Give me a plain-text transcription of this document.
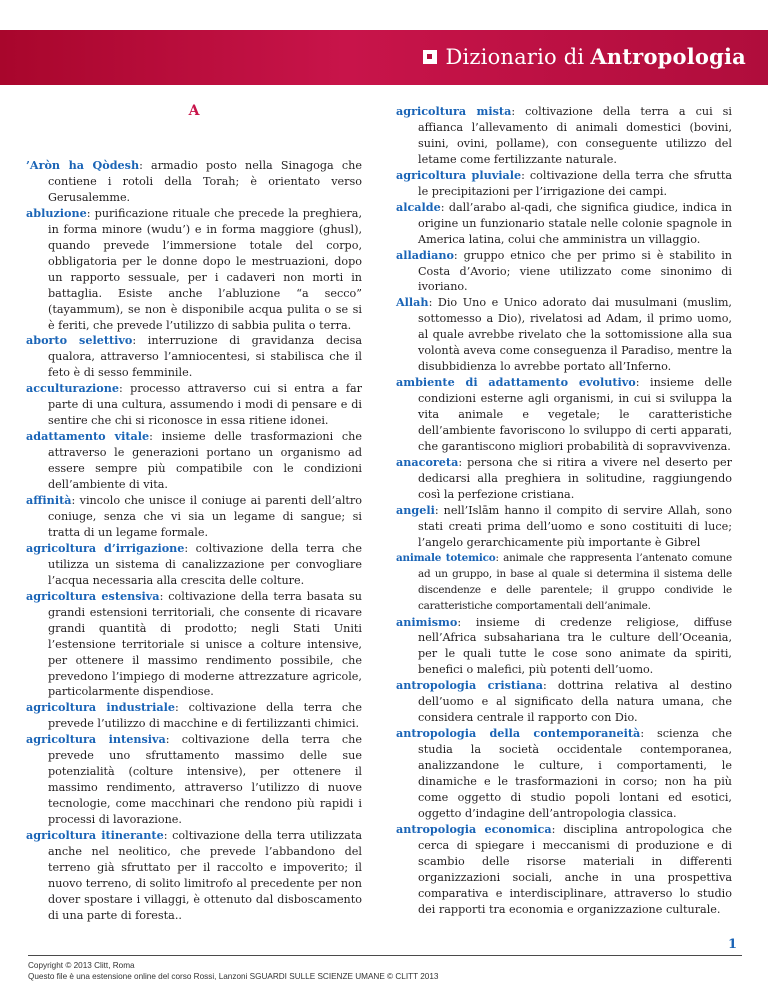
Dizionario di Antropologia
A

’Aròn ha Qòdesh: armadio posto nella Sinagoga che contiene i rotoli della Torah; è orientato verso Gerusalemme.

abluzione: purificazione rituale che precede la preghiera, in forma minore (wudu’) e in forma maggiore (ghusl), quando prevede l’immersione totale del corpo, obbligatoria per le donne dopo le mestruazioni, dopo un rapporto sessuale, per i cadaveri non morti in battaglia. Esiste anche l’abluzione “a secco” (tayammum), se non è disponibile acqua pulita o se si è feriti, che prevede l’utilizzo di sabbia pulita o terra.

aborto selettivo: interruzione di gravidanza decisa qualora, attraverso l’amniocentesi, si stabilisca che il feto è di sesso femminile.

acculturazione: processo attraverso cui si entra a far parte di una cultura, assumendo i modi di pensare e di sentire che chi si riconosce in essa ritiene idonei.

adattamento vitale: insieme delle trasformazioni che attraverso le generazioni portano un organismo ad essere sempre più compatibile con le condizioni dell’ambiente di vita.

affinità: vincolo che unisce il coniuge ai parenti dell’altro coniuge, senza che vi sia un legame di sangue; si tratta di un legame formale.

agricoltura d’irrigazione: coltivazione della terra che utilizza un sistema di canalizzazione per convogliare l’acqua necessaria alla crescita delle colture.

agricoltura estensiva: coltivazione della terra basata su grandi estensioni territoriali, che consente di ricavare grandi quantità di prodotto; negli Stati Uniti l’estensione territoriale si unisce a colture intensive, per ottenere il massimo rendimento possibile, che prevedono l’impiego di moderne attrezzature agricole, particolarmente dispendiose.

agricoltura industriale: coltivazione della terra che prevede l’utilizzo di macchine e di fertilizzanti chimici.

agricoltura intensiva: coltivazione della terra che prevede uno sfruttamento massimo delle sue potenzialità (colture intensive), per ottenere il massimo rendimento, attraverso l’utilizzo di nuove tecnologie, come macchinari che rendono più rapidi i processi di lavorazione.

agricoltura itinerante: coltivazione della terra utilizzata anche nel neolitico, che prevede l’abbandono del terreno già sfruttato per il raccolto e impoverito; il nuovo terreno, di solito limitrofo al precedente per non dover spostare i villaggi, è ottenuto dal disboscamento di una parte di foresta..

agricoltura mista: coltivazione della terra a cui si affianca l’allevamento di animali domestici (bovini, suini, ovini, pollame), con conseguente utilizzo del letame come fertilizzante naturale.

agricoltura pluviale: coltivazione della terra che sfrutta le precipitazioni per l’irrigazione dei campi.

alcalde: dall’arabo al-qadi, che significa giudice, indica in origine un funzionario statale nelle colonie spagnole in America latina, colui che amministra un villaggio.

alladiano: gruppo etnico che per primo si è stabilito in Costa d’Avorio; viene utilizzato come sinonimo di ivoriano.

Allah: Dio Uno e Unico adorato dai musulmani (muslim, sottomesso a Dio), rivelatosi ad Adam, il primo uomo, al quale avrebbe rivelato che la sottomissione alla sua volontà aveva come conseguenza il Paradiso, mentre la disubbidienza lo avrebbe portato all’Inferno.

ambiente di adattamento evolutivo: insieme delle condizioni esterne agli organismi, in cui si sviluppa la vita animale e vegetale; le caratteristiche dell’ambiente favoriscono lo sviluppo di certi apparati, che garantiscono migliori probabilità di sopravvivenza.

anacoreta: persona che si ritira a vivere nel deserto per dedicarsi alla preghiera in solitudine, raggiungendo così la perfezione cristiana.

angeli: nell’Islām hanno il compito di servire Allah, sono stati creati prima dell’uomo e sono costituiti di luce; l’angelo gerarchicamente più importante è Gibrel

animale totemico: animale che rappresenta l’antenato comune ad un gruppo, in base al quale si determina il sistema delle discendenze e delle parentele; il gruppo condivide le caratteristiche comportamentali dell’animale.

animismo: insieme di credenze religiose, diffuse nell’Africa subsahariana tra le culture dell’Oceania, per le quali tutte le cose sono animate da spiriti, benefici o malefici, più potenti dell’uomo.

antropologia cristiana: dottrina relativa al destino dell’uomo e al significato della natura umana, che considera centrale il rapporto con Dio.

antropologia della contemporaneità: scienza che studia la società occidentale contemporanea, analizzandone le culture, i comportamenti, le dinamiche e le trasformazioni in corso; non ha più come oggetto di studio popoli lontani ed esotici, oggetto d’indagine dell’antropologia classica.

antropologia economica: disciplina antropologica che cerca di spiegare i meccanismi di produzione e di scambio delle risorse materiali in differenti organizzazioni sociali, anche in una prospettiva comparativa e interdisciplinare, attraverso lo studio dei rapporti tra economia e organizzazione culturale.

1
Copyright © 2013 Clitt, Roma
Questo file è una estensione online del corso Rossi, Lanzoni SGUARDI SULLE SCIENZE UMANE © CLITT 2013
